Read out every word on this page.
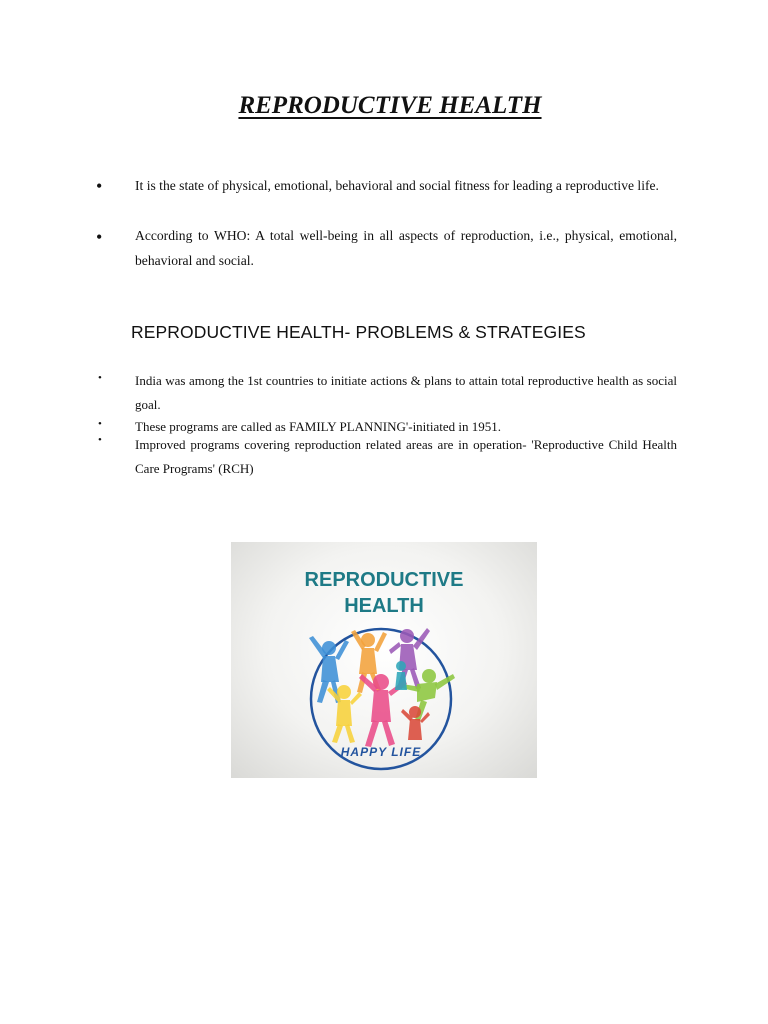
REPRODUCTIVE HEALTH
• It is the state of physical, emotional, behavioral and social fitness for leading a reproductive life.
• According to WHO: A total well-being in all aspects of reproduction, i.e., physical, emotional, behavioral and social.
REPRODUCTIVE HEALTH- PROBLEMS & STRATEGIES
•	India was among the 1st countries to initiate actions & plans to attain total reproductive health as social goal.
•	These programs are called as FAMILY PLANNING'-initiated in 1951.
•	Improved programs covering reproduction related areas are in operation- 'Reproductive Child Health Care Programs' (RCH)
REPRODUCTIVE
HEALTH
HAPPY LIFE
